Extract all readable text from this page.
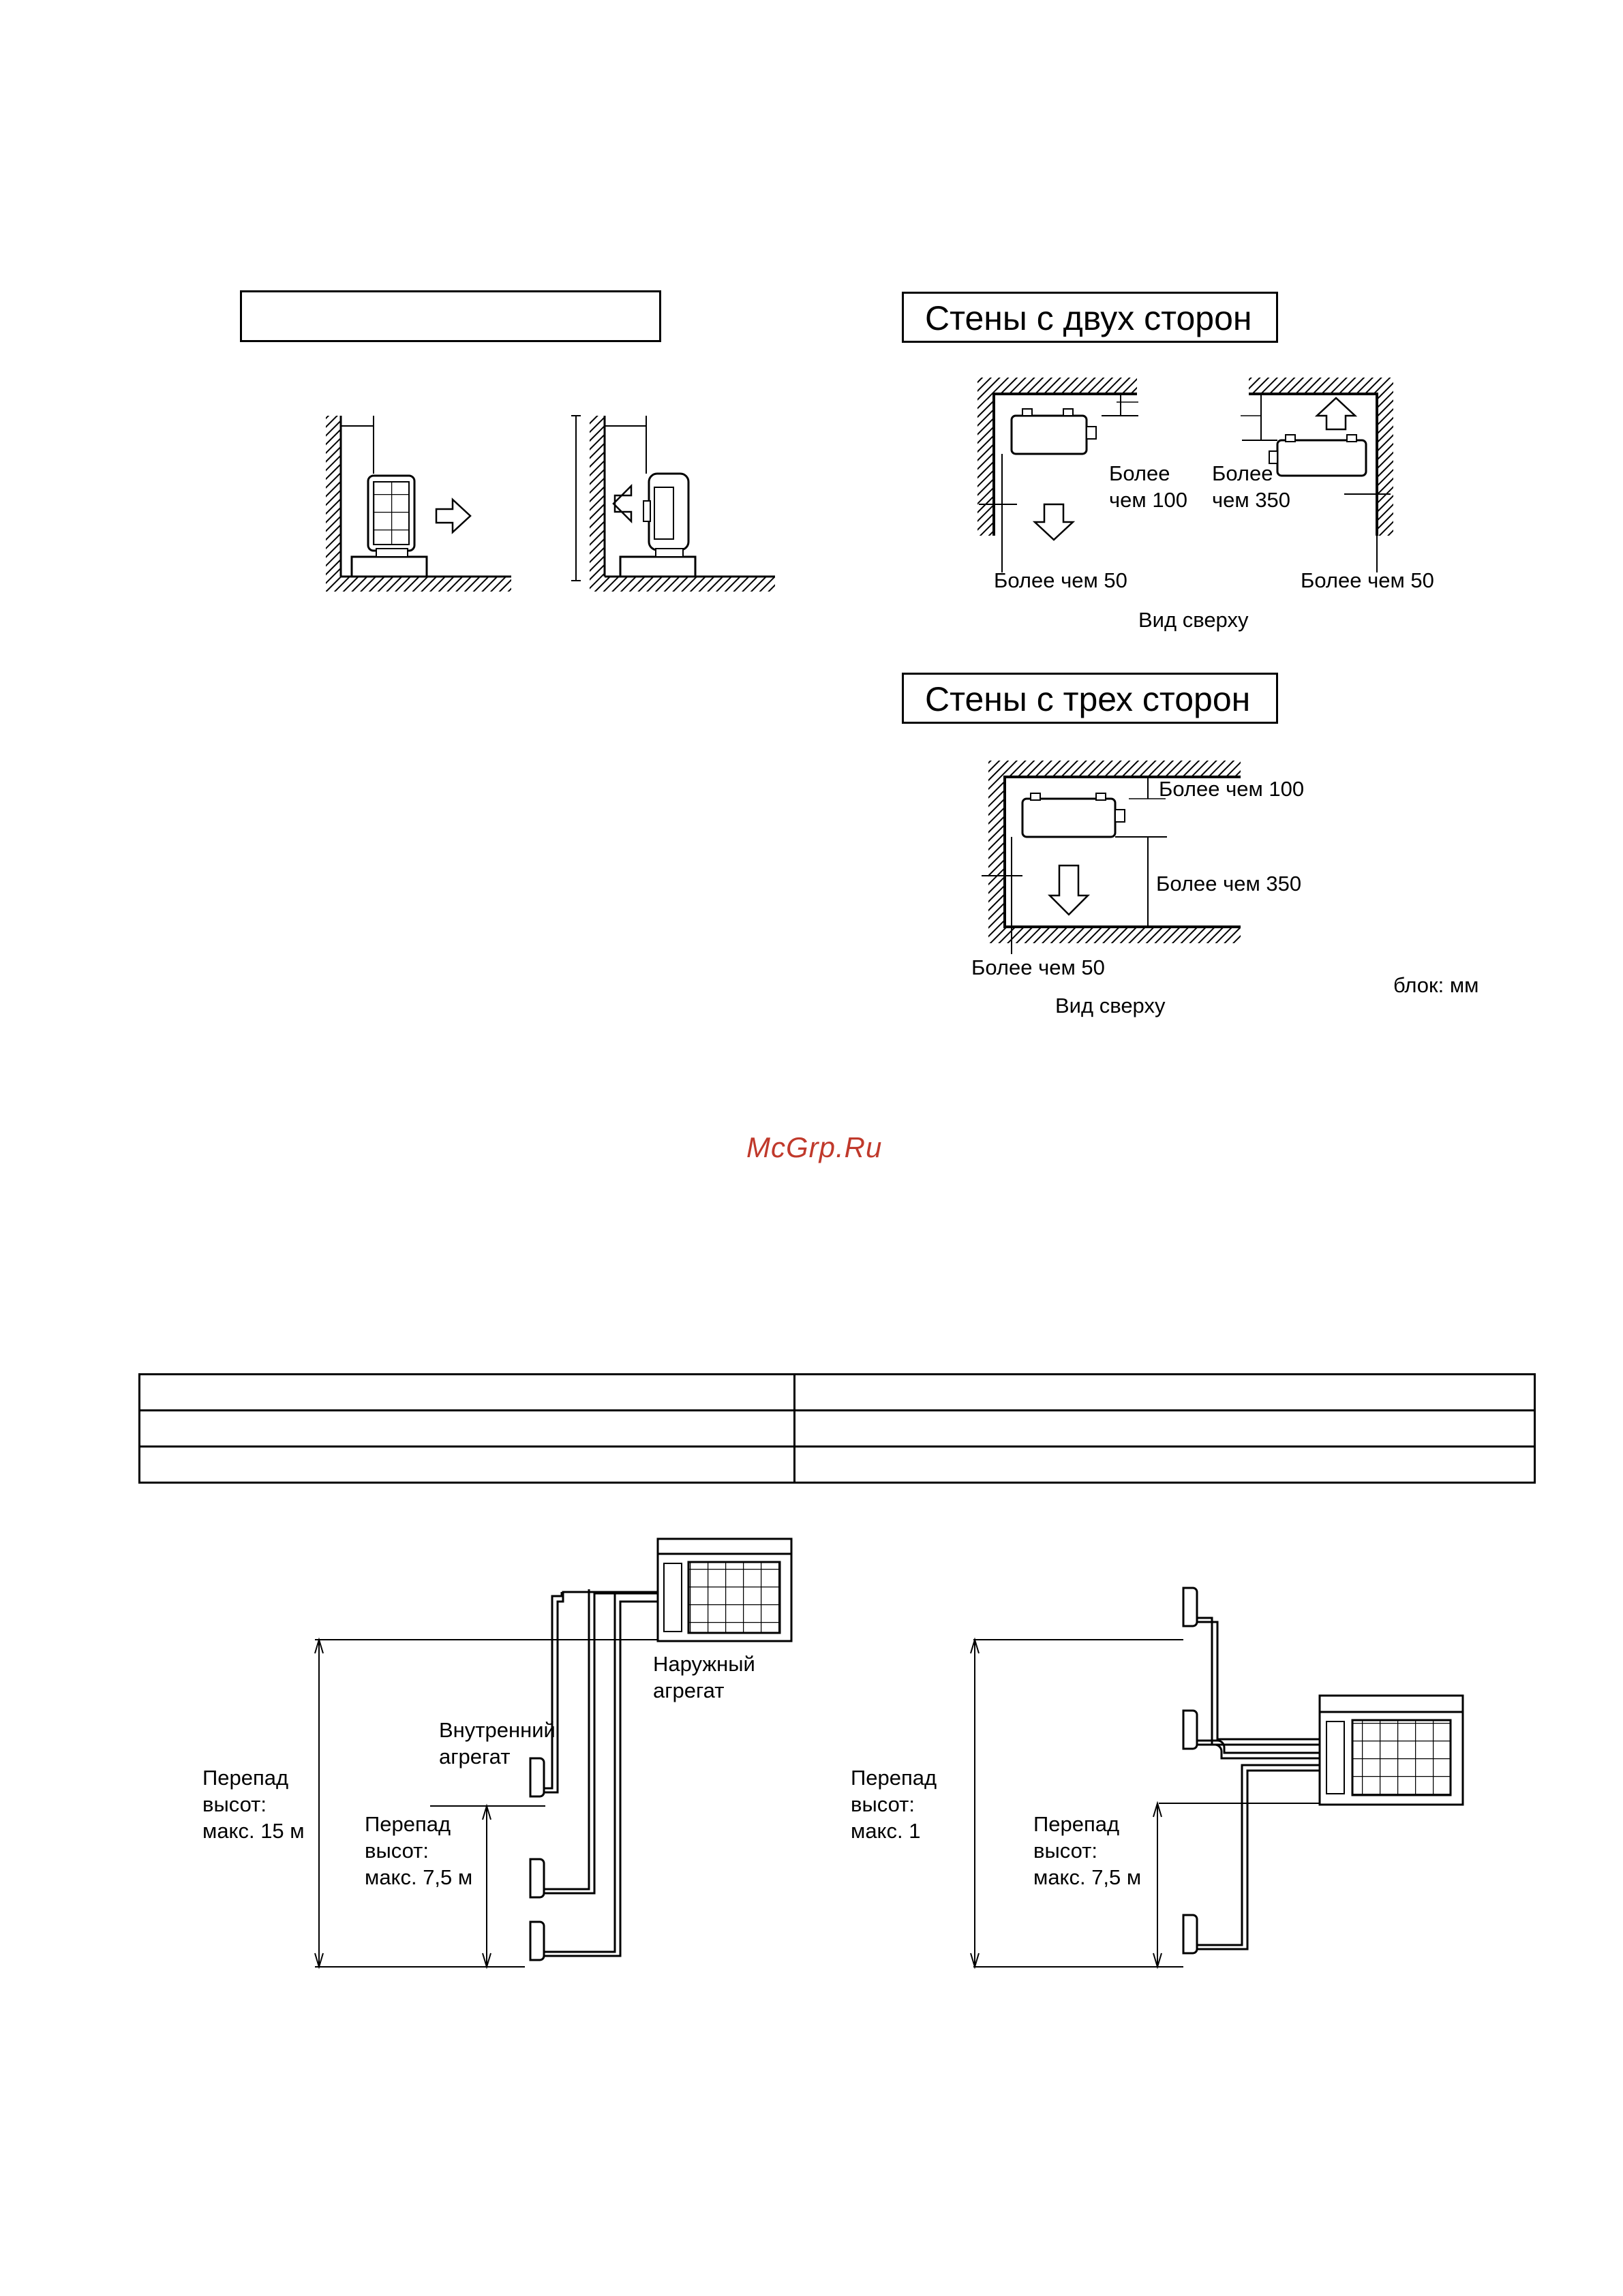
Стены с двух сторон
Более
чем 100
Более
чем 350
Более чем 50	Более чем 50
Вид сверху
Стены с трех сторон
Более чем 100
Более чем 350
Более чем 50
Вид сверху
блок: мм
McGrp.Ru

Наружный
агрегат
Внутренний
агрегат
Перепад
высот:
макс. 15 м	Перепад
высот:
макс. 7,5 м
Перепад
высот:
макс. 1	Перепад
высот:
макс. 7,5 м
